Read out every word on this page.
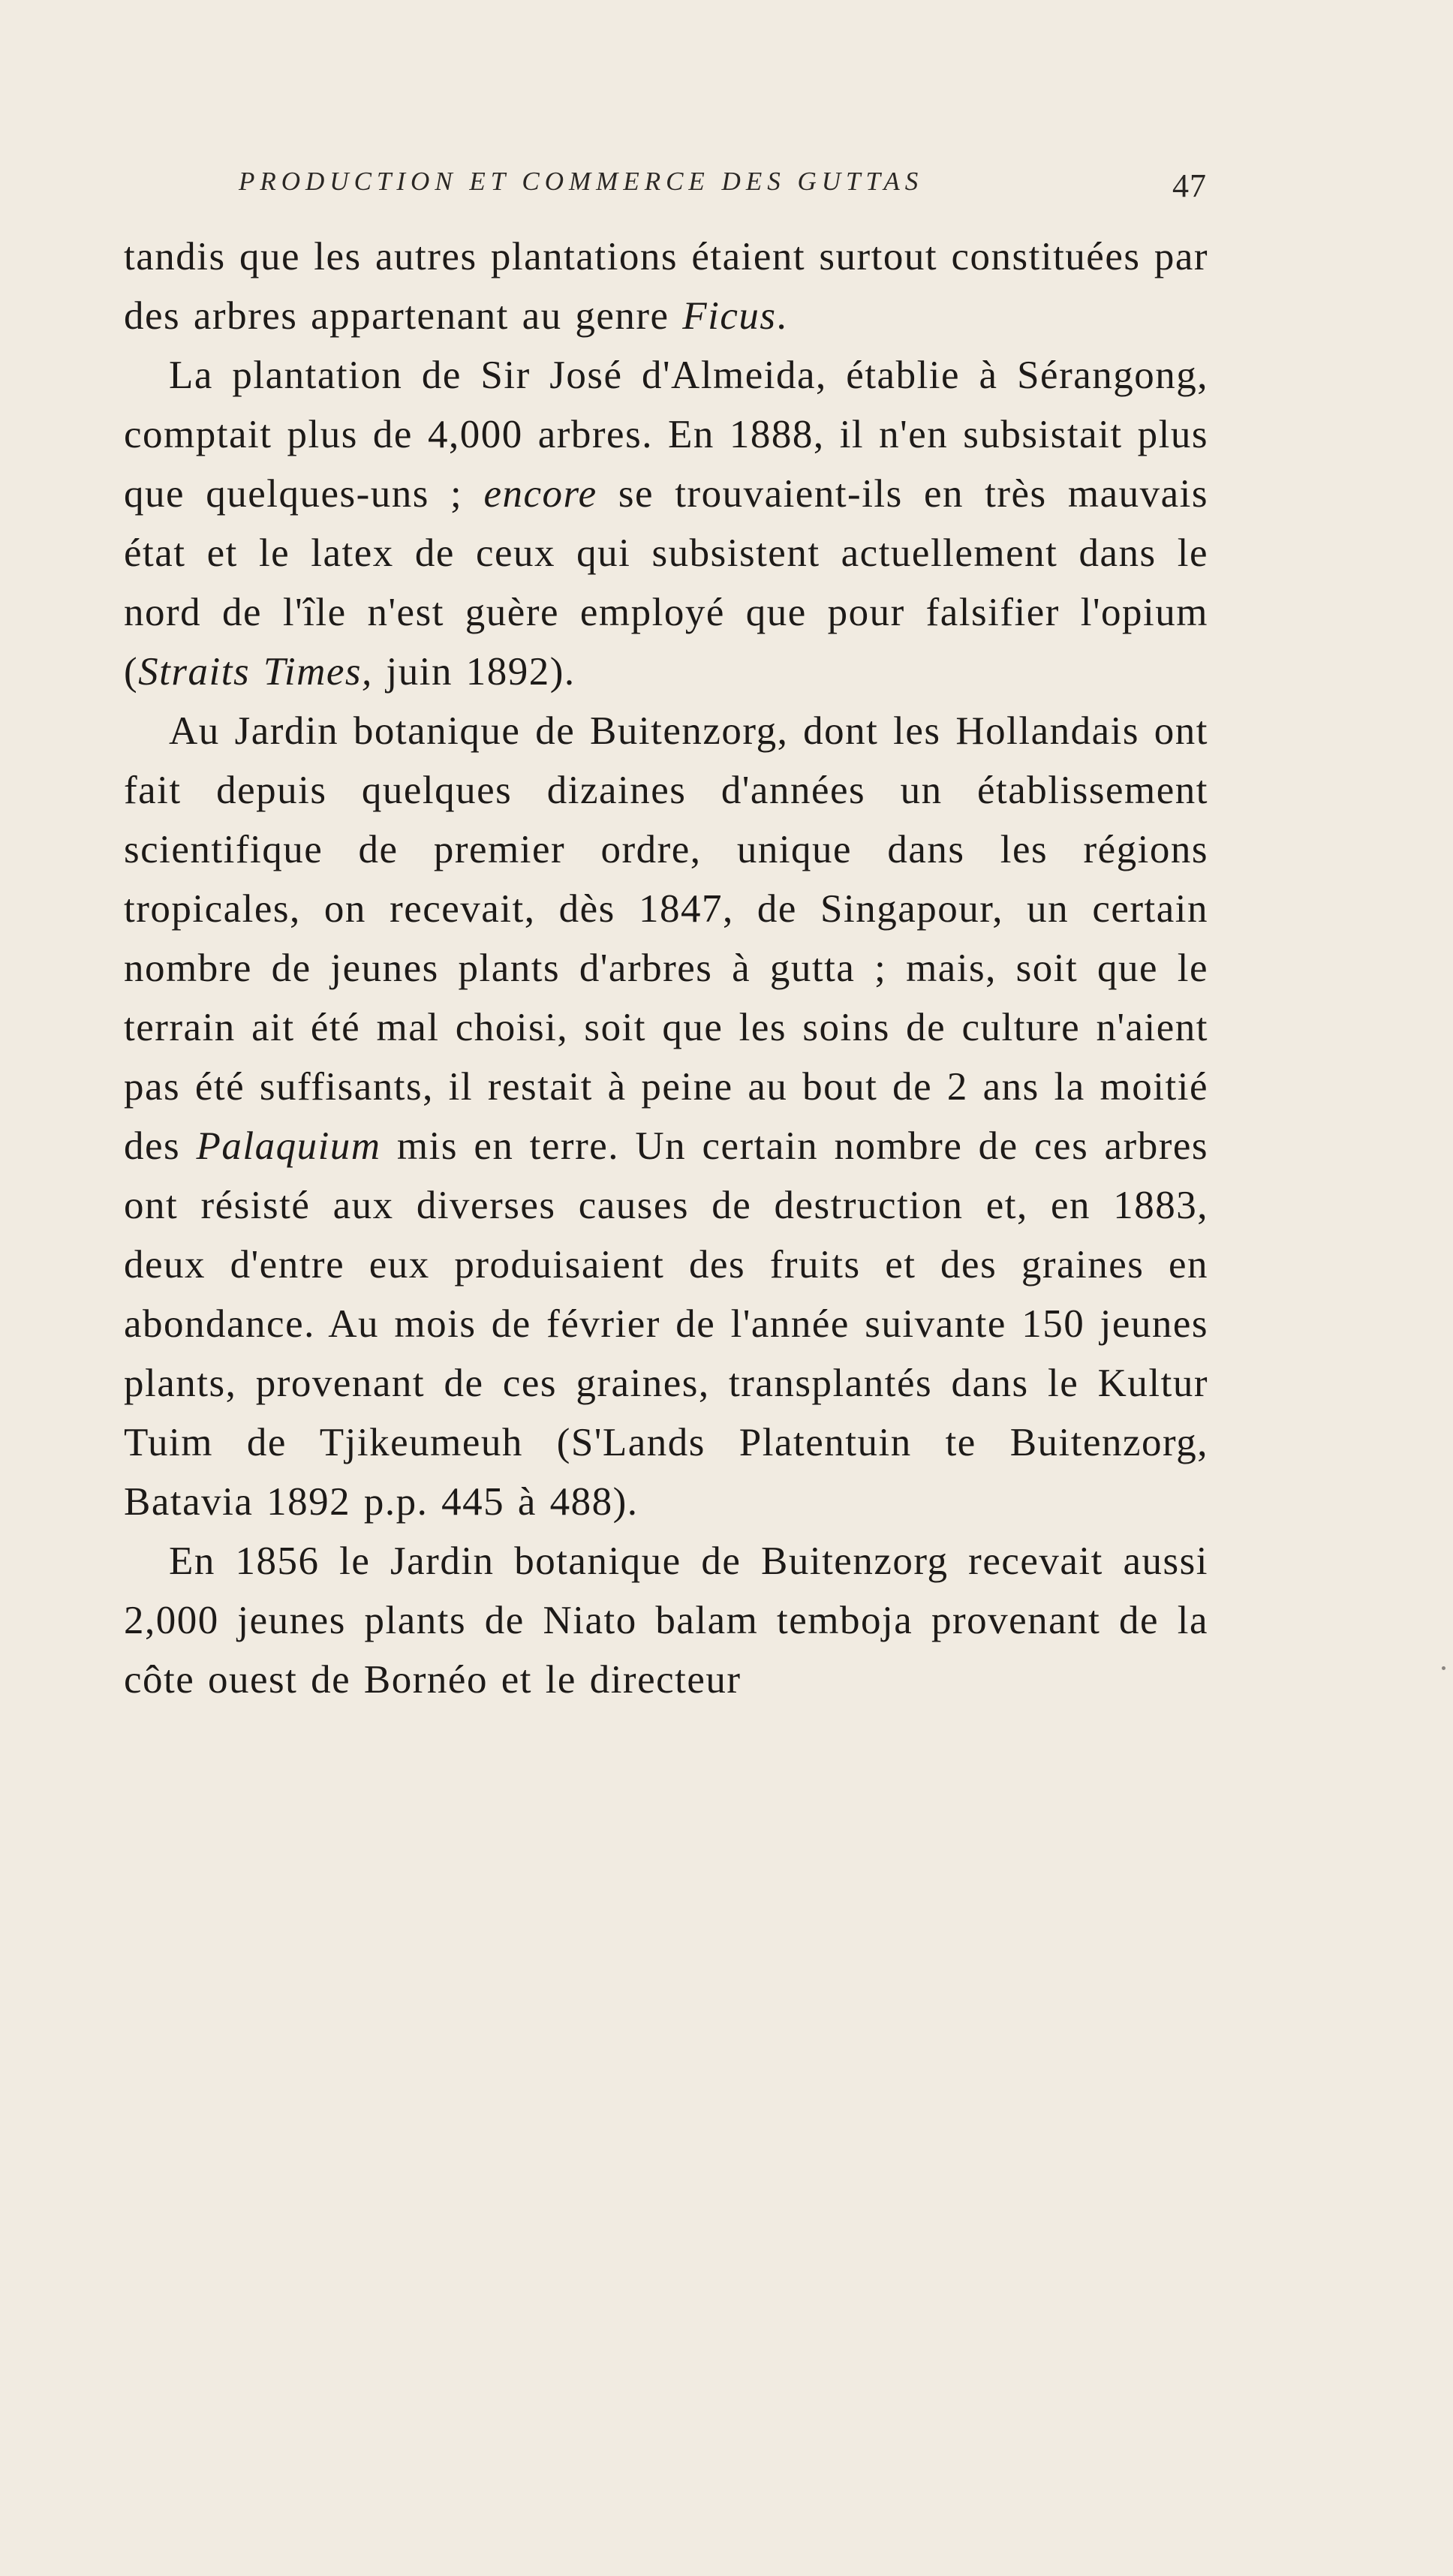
PRODUCTION ET COMMERCE DES GUTTAS	47

tandis que les autres plantations étaient surtout constituées par des arbres appartenant au genre Ficus.

La plantation de Sir José d'Almeida, établie à Sérangong, comptait plus de 4,000 arbres. En 1888, il n'en subsistait plus que quelques-uns ; encore se trouvaient-ils en très mauvais état et le latex de ceux qui subsistent actuellement dans le nord de l'île n'est guère employé que pour falsifier l'opium (Straits Times, juin 1892).

Au Jardin botanique de Buitenzorg, dont les Hollandais ont fait depuis quelques dizaines d'années un établissement scientifique de premier ordre, unique dans les régions tropicales, on recevait, dès 1847, de Singapour, un certain nombre de jeunes plants d'arbres à gutta ; mais, soit que le terrain ait été mal choisi, soit que les soins de culture n'aient pas été suffisants, il restait à peine au bout de 2 ans la moitié des Palaquium mis en terre. Un certain nombre de ces arbres ont résisté aux diverses causes de destruction et, en 1883, deux d'entre eux produisaient des fruits et des graines en abondance. Au mois de février de l'année suivante 150 jeunes plants, provenant de ces graines, transplantés dans le Kultur Tuim de Tjikeumeuh (S'Lands Platentuin te Buitenzorg, Batavia 1892 p.p. 445 à 488).

En 1856 le Jardin botanique de Buitenzorg recevait aussi 2,000 jeunes plants de Niato balam temboja provenant de la côte ouest de Bornéo et le directeur
